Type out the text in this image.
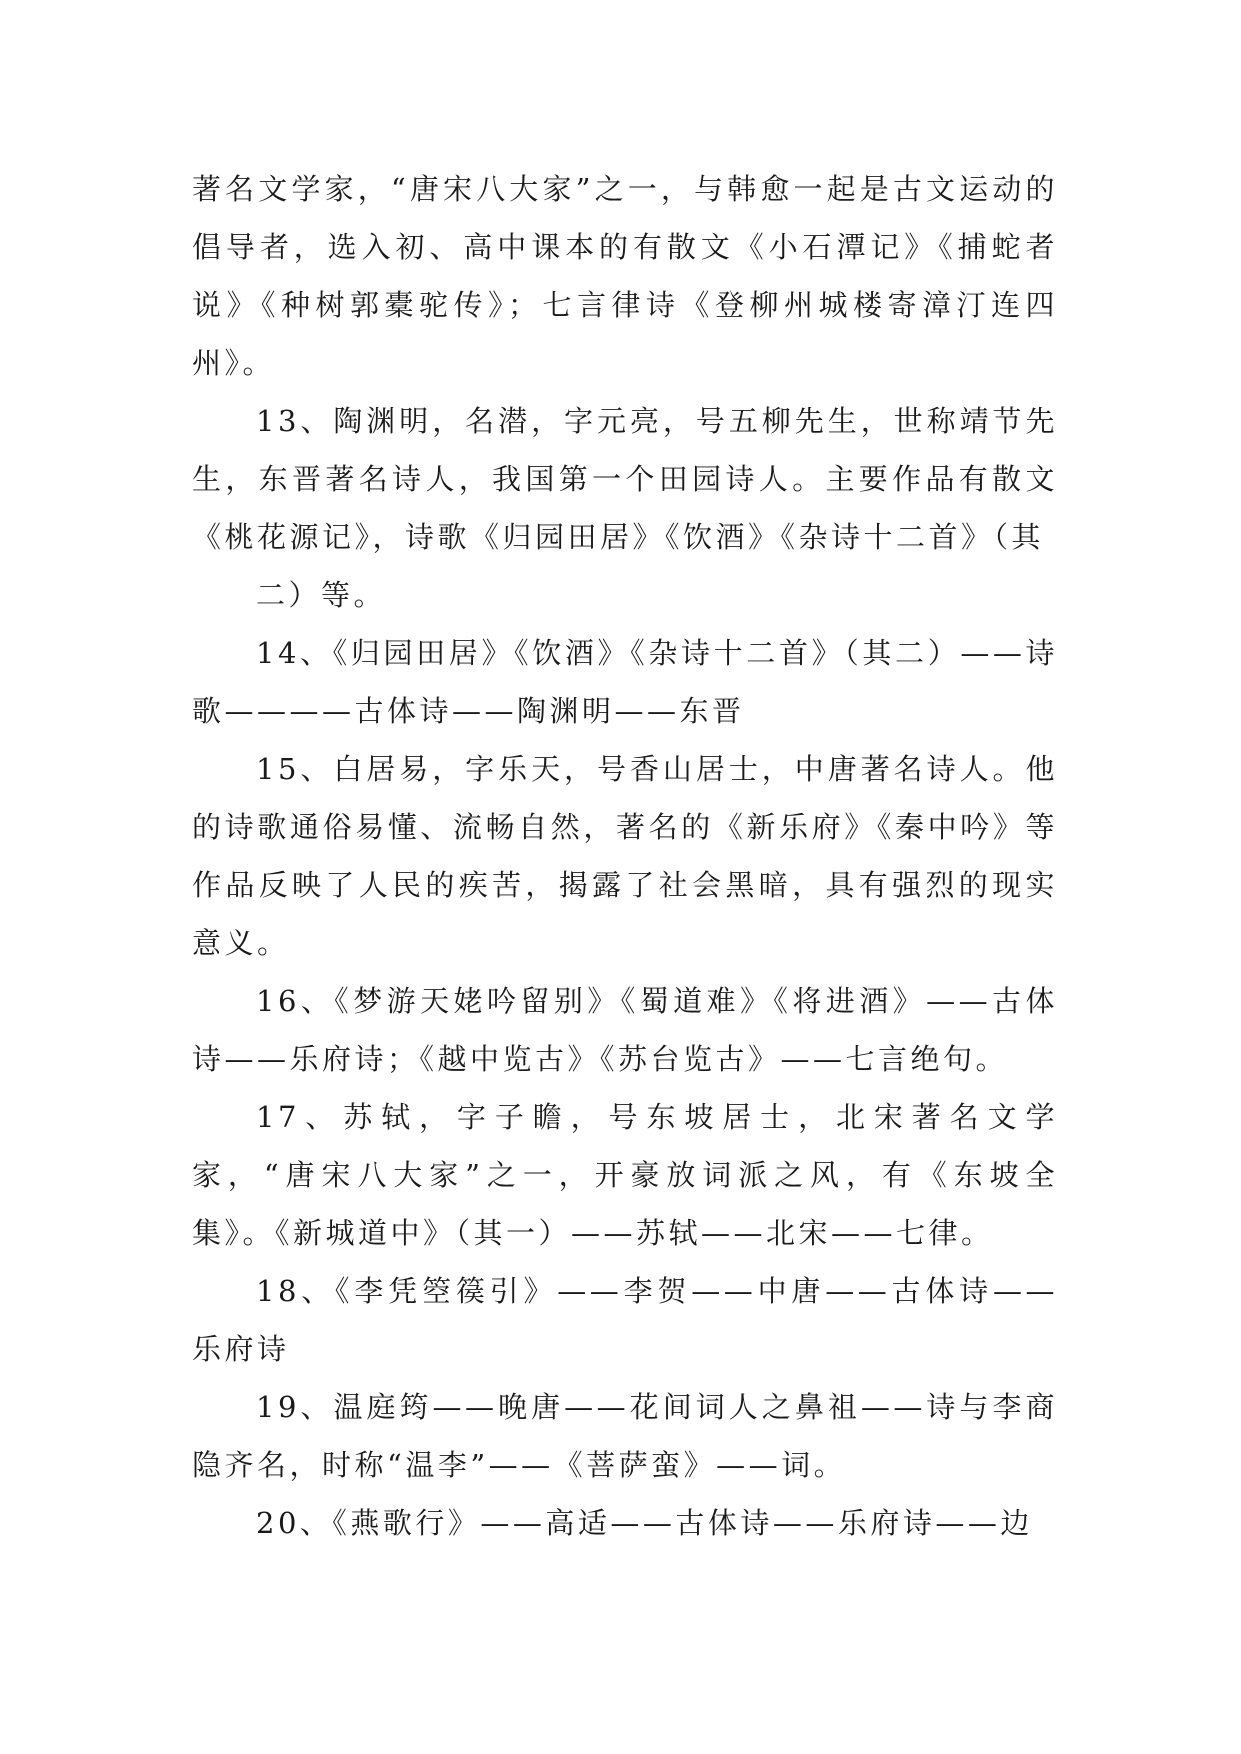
著名文学家，“唐宋八大家”之一，与韩愈一起是古文运动的倡导者，选入初、高中课本的有散文《小石潭记》《捕蛇者说》《种树郭橐驼传》；七言律诗《登柳州城楼寄漳汀连四州》。

13、陶渊明，名潜，字元亮，号五柳先生，世称靖节先生，东晋著名诗人，我国第一个田园诗人。主要作品有散文《桃花源记》，诗歌《归园田居》《饮酒》《杂诗十二首》（其

二）等。

14、《归园田居》《饮酒》《杂诗十二首》（其二）——诗歌————古体诗——陶渊明——东晋

15、白居易，字乐天，号香山居士，中唐著名诗人。他的诗歌通俗易懂、流畅自然，著名的《新乐府》《秦中吟》等作品反映了人民的疾苦，揭露了社会黑暗，具有强烈的现实意义。

16、《梦游天姥吟留别》《蜀道难》《将进酒》——古体诗——乐府诗；《越中览古》《苏台览古》——七言绝句。

17、苏轼，字子瞻，号东坡居士，北宋著名文学家，“唐宋八大家”之一，开豪放词派之风，有《东坡全集》。《新城道中》（其一）——苏轼——北宋——七律。

18、《李凭箜篌引》——李贺——中唐——古体诗——乐府诗

19、温庭筠——晚唐——花间词人之鼻祖——诗与李商隐齐名，时称“温李”——《菩萨蛮》——词。

20、《燕歌行》——高适——古体诗——乐府诗——边
